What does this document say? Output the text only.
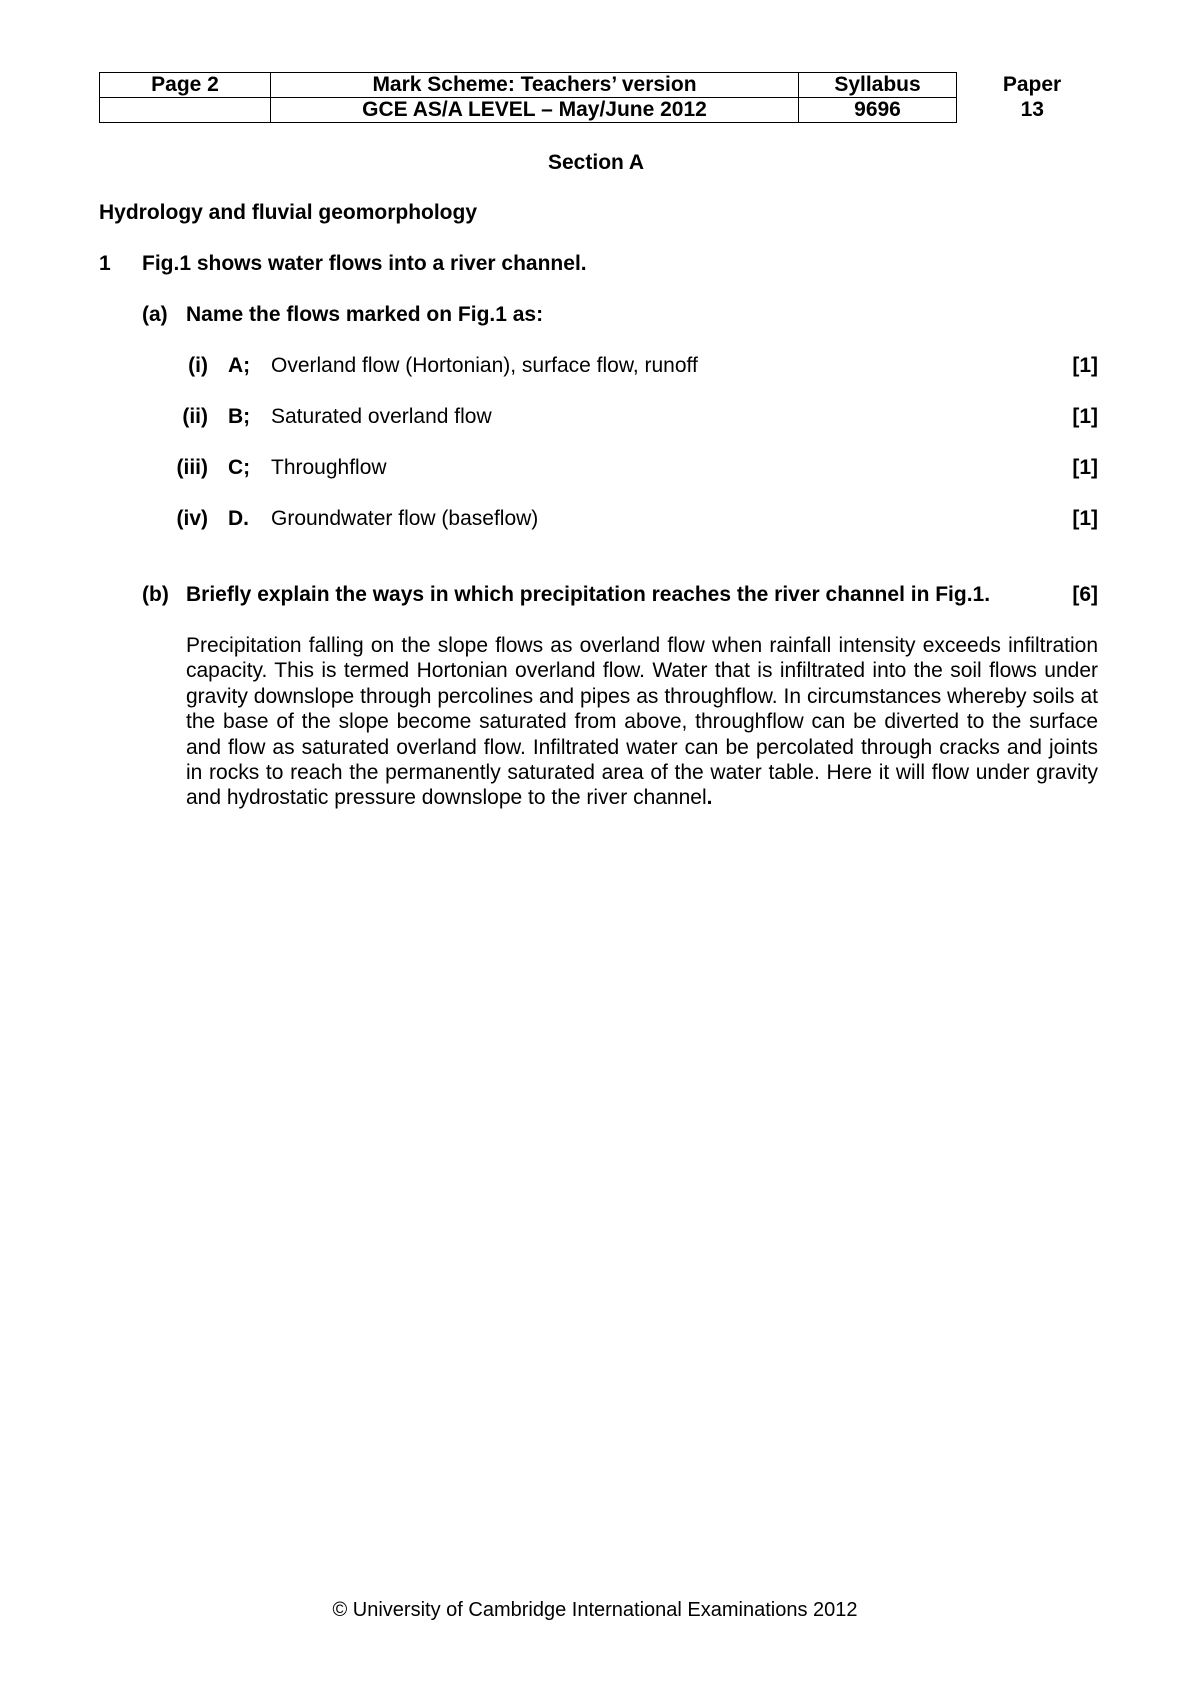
Page 2	Mark Scheme: Teachers’ version	Syllabus	Paper
	GCE AS/A LEVEL – May/June 2012	9696	13
Section A
Hydrology and fluvial geomorphology
1 Fig.1 shows water flows into a river channel.
(a) Name the flows marked on Fig.1 as:
(i) A; Overland flow (Hortonian), surface flow, runoff	[1]
(ii) B; Saturated overland flow	[1]
(iii) C; Throughflow	[1]
(iv) D. Groundwater flow (baseflow)	[1]
(b) Briefly explain the ways in which precipitation reaches the river channel in Fig.1.	[6]
Precipitation falling on the slope flows as overland flow when rainfall intensity exceeds infiltration capacity. This is termed Hortonian overland flow. Water that is infiltrated into the soil flows under gravity downslope through percolines and pipes as throughflow. In circumstances whereby soils at the base of the slope become saturated from above, throughflow can be diverted to the surface and flow as saturated overland flow. Infiltrated water can be percolated through cracks and joints in rocks to reach the permanently saturated area of the water table. Here it will flow under gravity and hydrostatic pressure downslope to the river channel.
© University of Cambridge International Examinations 2012
